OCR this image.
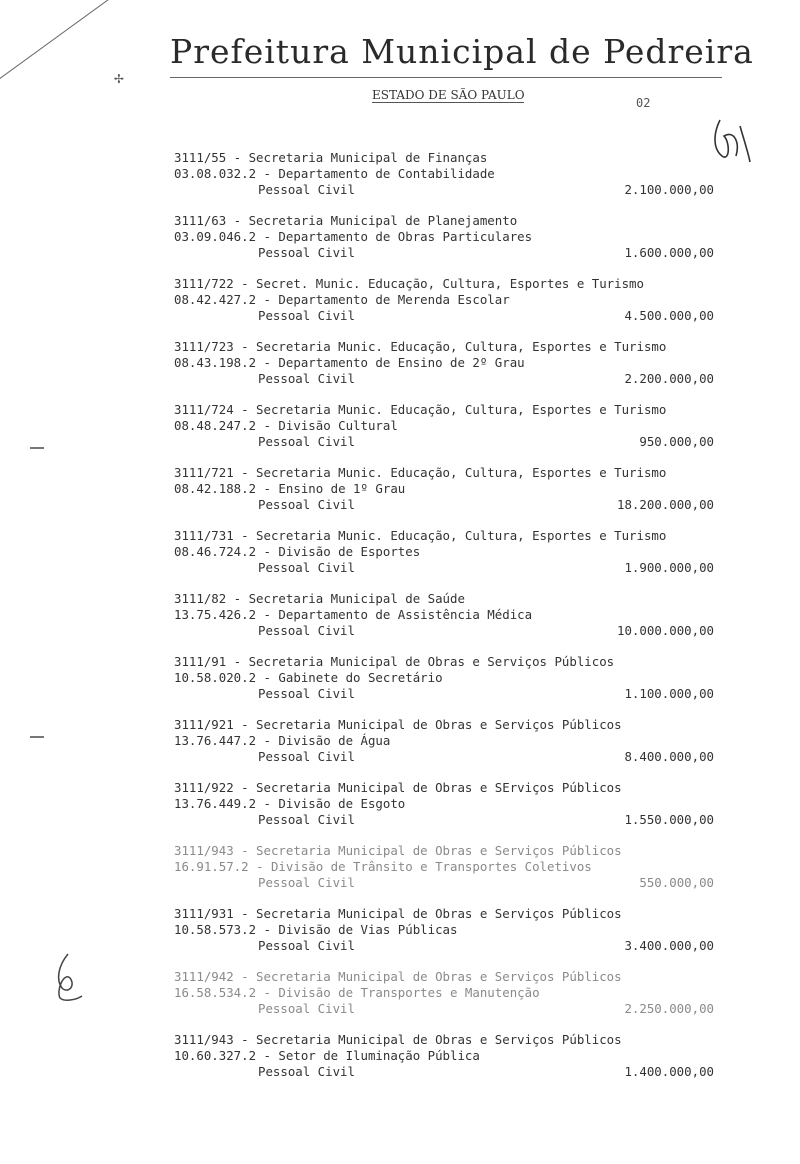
✢
Prefeitura Municipal de Pedreira
ESTADO DE SÃO PAULO
02
3111/55 - Secretaria Municipal de Finanças
03.08.032.2 - Departamento de Contabilidade
Pessoal Civil	2.100.000,00
3111/63 - Secretaria Municipal de Planejamento
03.09.046.2 - Departamento de Obras Particulares
Pessoal Civil	1.600.000,00
3111/722 - Secret. Munic. Educação, Cultura, Esportes e Turismo
08.42.427.2 - Departamento de Merenda Escolar
Pessoal Civil	4.500.000,00
3111/723 - Secretaria Munic. Educação, Cultura, Esportes e Turismo
08.43.198.2 - Departamento de Ensino de 2º Grau
Pessoal Civil	2.200.000,00
3111/724 - Secretaria Munic. Educação, Cultura, Esportes e Turismo
08.48.247.2 - Divisão Cultural
Pessoal Civil	950.000,00
3111/721 - Secretaria Munic. Educação, Cultura, Esportes e Turismo
08.42.188.2 - Ensino de 1º Grau
Pessoal Civil	18.200.000,00
3111/731 - Secretaria Munic. Educação, Cultura, Esportes e Turismo
08.46.724.2 - Divisão de Esportes
Pessoal Civil	1.900.000,00
3111/82 - Secretaria Municipal de Saúde
13.75.426.2 - Departamento de Assistência Médica
Pessoal Civil	10.000.000,00
3111/91 - Secretaria Municipal de Obras e Serviços Públicos
10.58.020.2 - Gabinete do Secretário
Pessoal Civil	1.100.000,00
3111/921 - Secretaria Municipal de Obras e Serviços Públicos
13.76.447.2 - Divisão de Água
Pessoal Civil	8.400.000,00
3111/922 - Secretaria Municipal de Obras e SErviços Públicos
13.76.449.2 - Divisão de Esgoto
Pessoal Civil	1.550.000,00
3111/943 - Secretaria Municipal de Obras e Serviços Públicos
16.91.57.2 - Divisão de Trânsito e Transportes Coletivos
Pessoal Civil	550.000,00
3111/931 - Secretaria Municipal de Obras e Serviços Públicos
10.58.573.2 - Divisão de Vias Públicas
Pessoal Civil	3.400.000,00
3111/942 - Secretaria Municipal de Obras e Serviços Públicos
16.58.534.2 - Divisão de Transportes e Manutenção
Pessoal Civil	2.250.000,00
3111/943 - Secretaria Municipal de Obras e Serviços Públicos
10.60.327.2 - Setor de Iluminação Pública
Pessoal Civil	1.400.000,00
